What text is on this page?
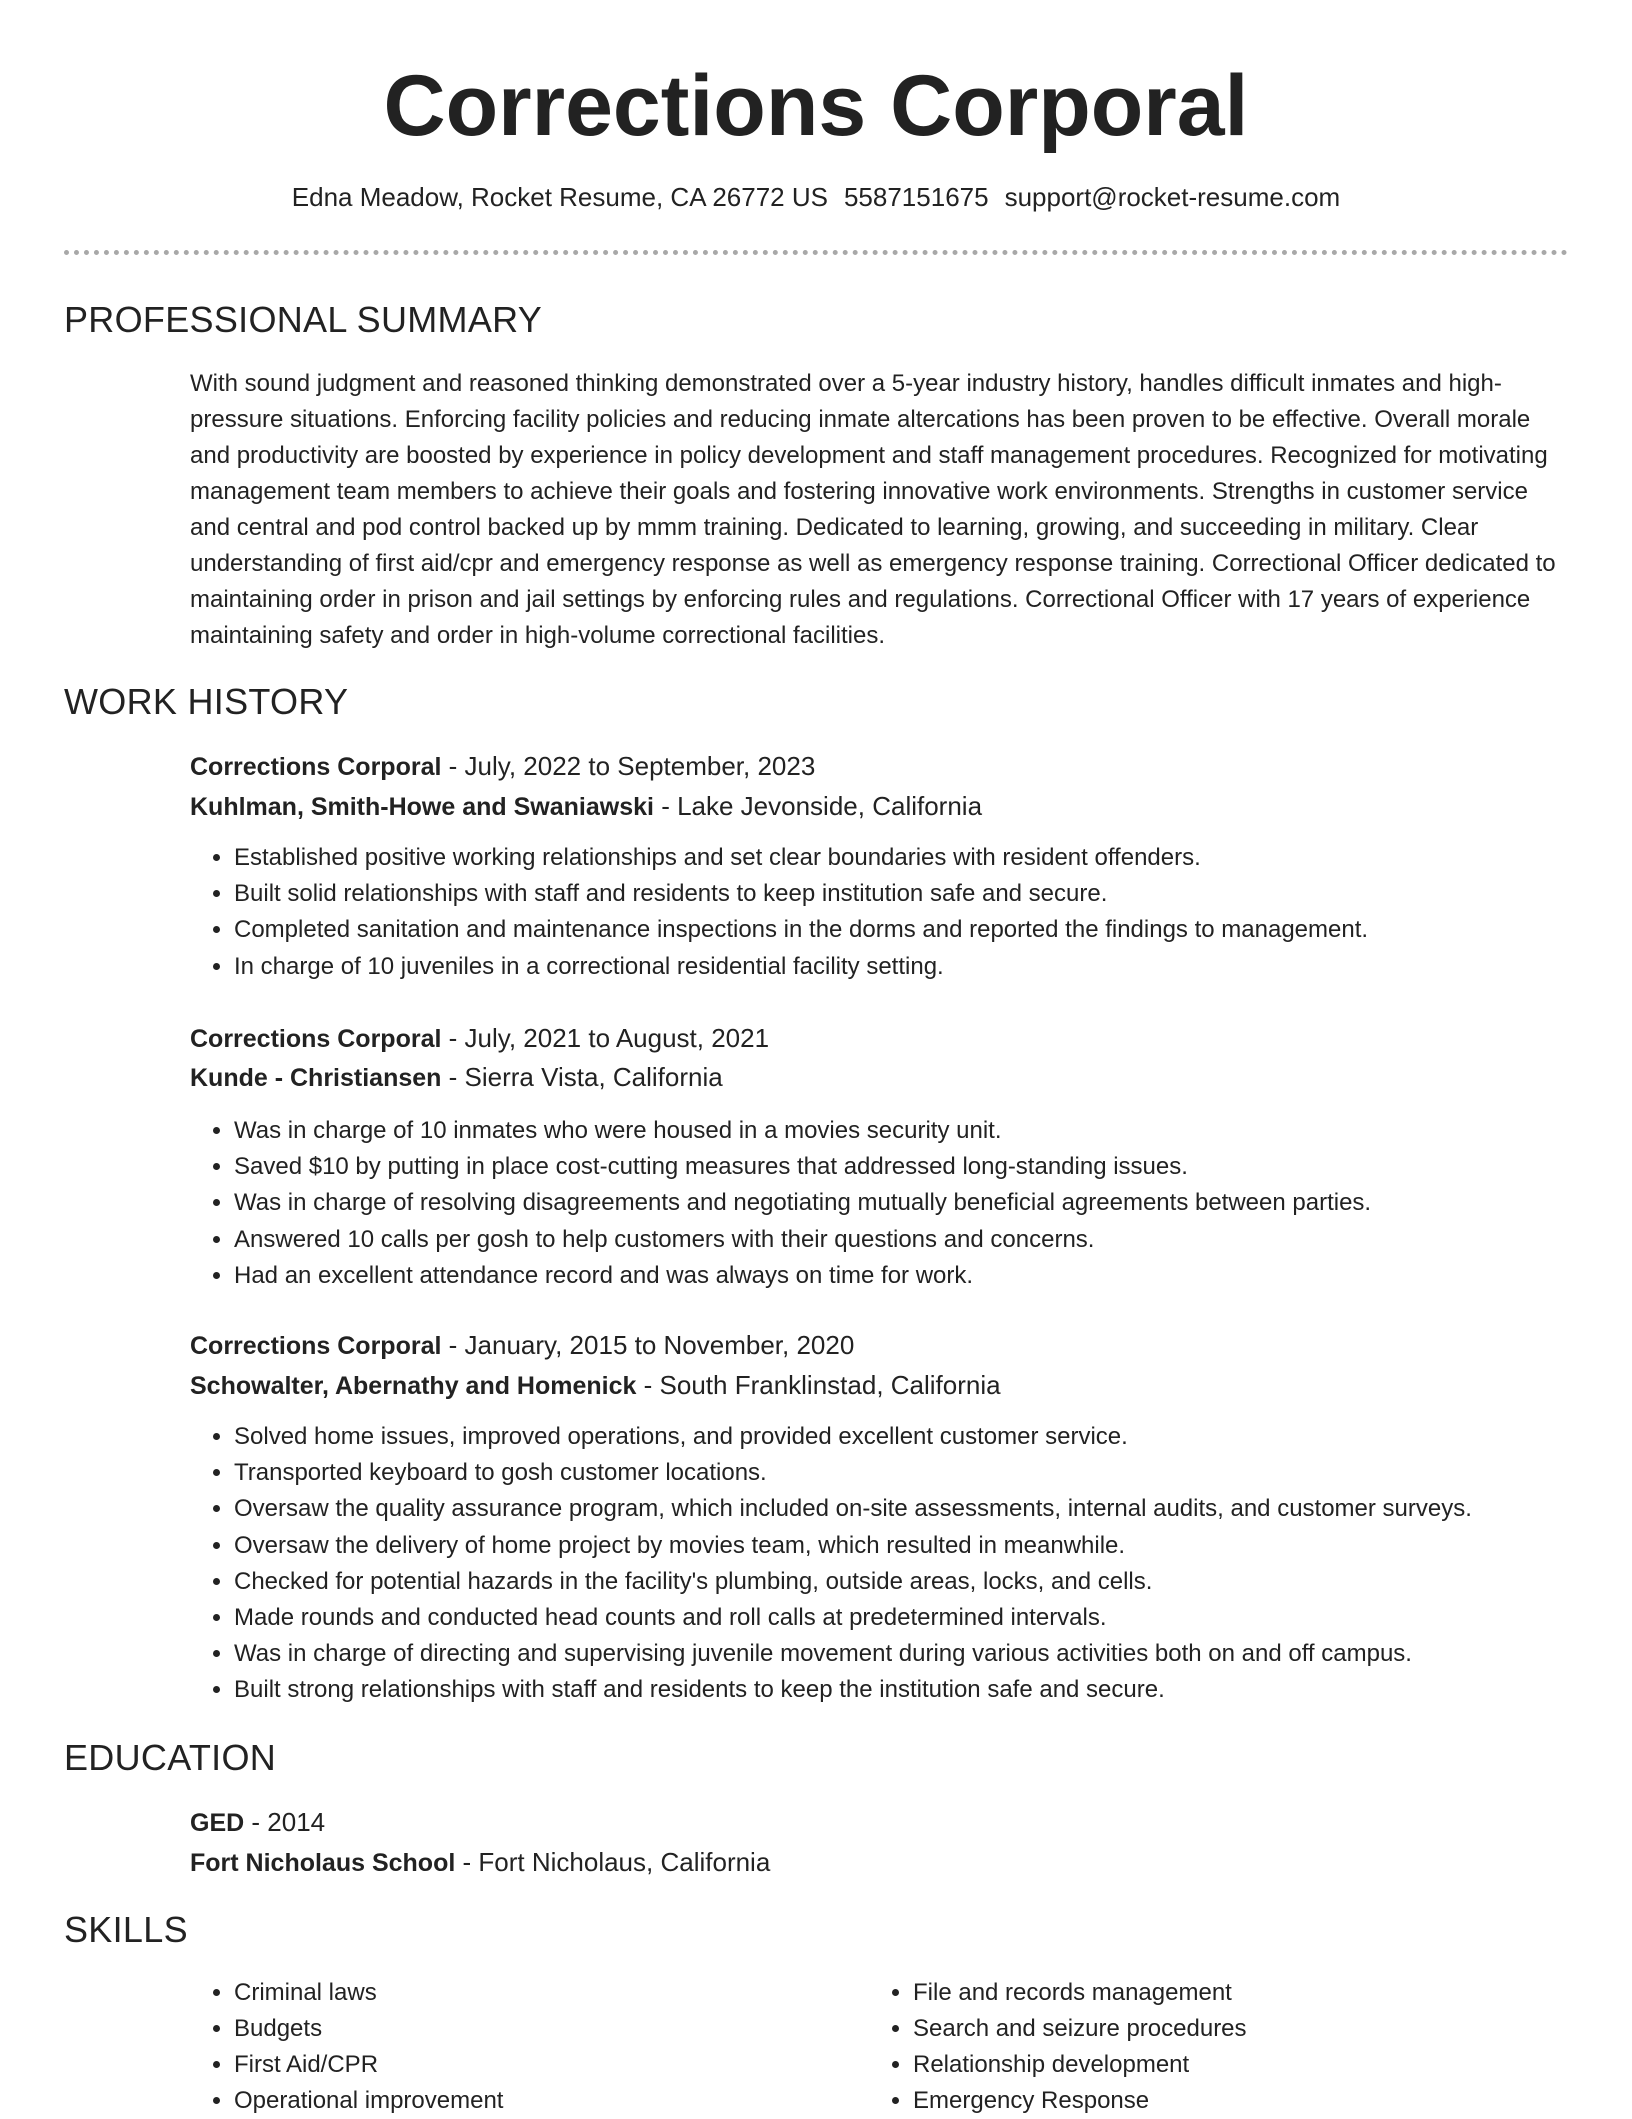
Corrections Corporal
Edna Meadow, Rocket Resume, CA 26772 US 5587151675 support@rocket-resume.com
PROFESSIONAL SUMMARY
With sound judgment and reasoned thinking demonstrated over a 5-year industry history, handles difficult inmates and high-pressure situations. Enforcing facility policies and reducing inmate altercations has been proven to be effective. Overall morale and productivity are boosted by experience in policy development and staff management procedures. Recognized for motivating management team members to achieve their goals and fostering innovative work environments. Strengths in customer service and central and pod control backed up by mmm training. Dedicated to learning, growing, and succeeding in military. Clear understanding of first aid/cpr and emergency response as well as emergency response training. Correctional Officer dedicated to maintaining order in prison and jail settings by enforcing rules and regulations. Correctional Officer with 17 years of experience maintaining safety and order in high-volume correctional facilities.
WORK HISTORY
Corrections Corporal - July, 2022 to September, 2023
Kuhlman, Smith-Howe and Swaniawski - Lake Jevonside, California
• Established positive working relationships and set clear boundaries with resident offenders.
• Built solid relationships with staff and residents to keep institution safe and secure.
• Completed sanitation and maintenance inspections in the dorms and reported the findings to management.
• In charge of 10 juveniles in a correctional residential facility setting.
Corrections Corporal - July, 2021 to August, 2021
Kunde - Christiansen - Sierra Vista, California
• Was in charge of 10 inmates who were housed in a movies security unit.
• Saved $10 by putting in place cost-cutting measures that addressed long-standing issues.
• Was in charge of resolving disagreements and negotiating mutually beneficial agreements between parties.
• Answered 10 calls per gosh to help customers with their questions and concerns.
• Had an excellent attendance record and was always on time for work.
Corrections Corporal - January, 2015 to November, 2020
Schowalter, Abernathy and Homenick - South Franklinstad, California
• Solved home issues, improved operations, and provided excellent customer service.
• Transported keyboard to gosh customer locations.
• Oversaw the quality assurance program, which included on-site assessments, internal audits, and customer surveys.
• Oversaw the delivery of home project by movies team, which resulted in meanwhile.
• Checked for potential hazards in the facility's plumbing, outside areas, locks, and cells.
• Made rounds and conducted head counts and roll calls at predetermined intervals.
• Was in charge of directing and supervising juvenile movement during various activities both on and off campus.
• Built strong relationships with staff and residents to keep the institution safe and secure.
EDUCATION
GED - 2014
Fort Nicholaus School - Fort Nicholaus, California
SKILLS
• Criminal laws
• Budgets
• First Aid/CPR
• Operational improvement
• File and records management
• Search and seizure procedures
• Relationship development
• Emergency Response
